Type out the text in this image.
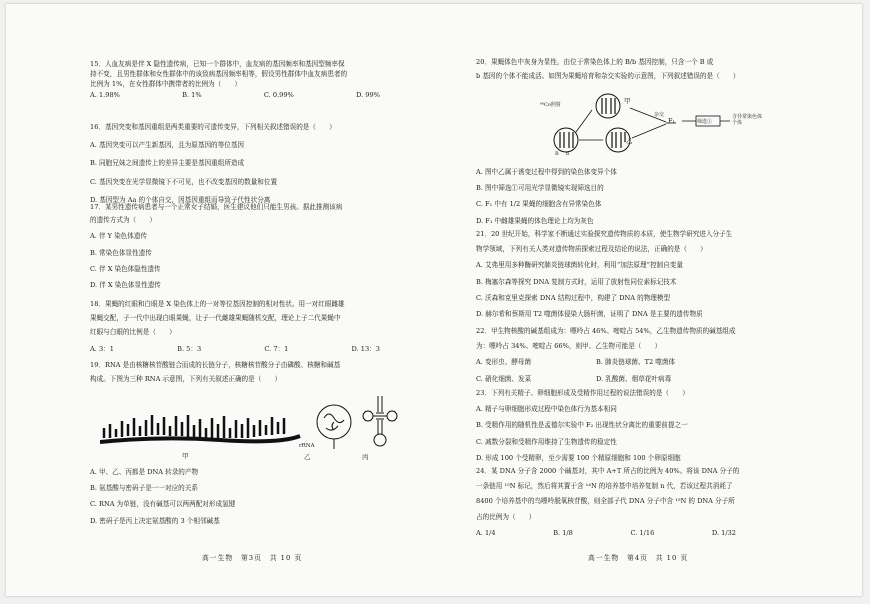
15．人血友病是伴 X 隐性遗传病，已知一个群体中，血友病的基因频率和基因型频率保

持不变，且男性群体和女性群体中的该致病基因频率相等，假设男性群体中血友病患者的

比例为 1%，在女性群体中携带者的比例为（　　）

A. 1.98%	B. 1%	C. 0.99%	D. 99%

16．基因突变和基因重组是两类重要的可遗传变异，下列相关叙述错误的是（　　）

A. 基因突变可以产生新基因，且为原基因的等位基因

B. 同胞兄妹之间遗传上的差异主要是基因重组所造成

C. 基因突变在光学显微镜下不可见，也不改变基因的数量和位置

D. 基因型为 Aa 的个体自交，因基因重组而导致子代性状分离

17．某男性遗传病患者与一个正常女子结婚，医生建议他们只能生男孩。据此推测该病

的遗传方式为（　　）

A. 伴 Y 染色体遗传

B. 常染色体显性遗传

C. 伴 X 染色体隐性遗传

D. 伴 X 染色体显性遗传

18．果蝇的红眼和白眼是 X 染色体上的一对等位基因控制的相对性状。用一对红眼雌雄

果蝇交配，子一代中出现白眼果蝇，让子一代雌雄果蝇随机交配，理论上子二代果蝇中

红眼与白眼的比例是（　　）

A. 3：1	B. 5：3	C. 7：1	D. 13：3

19．RNA 是由核糖核苷酸链合而成的长链分子，核糖核苷酸分子由磷酸、核糖和碱基

构成。下图为三种 RNA 示意图，下列有关叙述正确的是（　　）

甲	乙	丙
rRNA

A. 甲、乙、丙都是 DNA 转录的产物

B. 氨基酸与密码子是一一对应的关系

C. RNA 为单链，没有碱基可以两两配对形成氢键

D. 密码子是丙上决定氨基酸的 3 个相邻碱基

高一生物　第3页　共 10 页

20．果蝇体色中灰身为显性，由位于常染色体上的 B/b 基因控制，只含一个 B 或

b 基因的个体不能成活。如图为果蝇培育和杂交实验的示意图，下列叙述错误的是（　　）

⁶⁰Co照射	甲
乙
F₁
杂交
筛选①
含异常染色体个体
B b

A. 图中乙属于诱变过程中得到的染色体变异个体

B. 图中筛选①可用光学显微镜实现筛选目的

C. F₁ 中有 1/2 果蝇的细胞含有异常染色体

D. F₁ 中雌雄果蝇的体色理论上均为灰色

21．20 世纪开始，科学家不断通过实验探究遗传物质的本质，使生物学研究进入分子生

物学领域，下列有关人类对遗传物质探索过程及结论的说法，正确的是（　　）

A. 艾弗里用多种酶研究肺炎链球菌转化时，利用“加法原理”控制自变量

B. 梅塞尔森等探究 DNA 复制方式时，运用了放射性同位素标记技术

C. 沃森和克里克探索 DNA 结构过程中，构建了 DNA 的物理模型

D. 赫尔希和蔡斯用 T2 噬菌体侵染大肠杆菌，证明了 DNA 是主要的遗传物质

22．甲生物核酸的碱基组成为：嘌呤占 46%、嘧啶占 54%，乙生物遗传物质的碱基组成

为：嘌呤占 34%、嘧啶占 66%，则甲、乙生物可能是（　　）

A. 变形虫、酵母菌	B. 肺炎链球菌、T2 噬菌体
C. 硝化细菌、发菜	D. 乳酸菌、烟草花叶病毒

23．下列有关精子、卵细胞形成及受精作用过程的说法错误的是（　　）

A. 精子与卵细胞形成过程中染色体行为基本相同

B. 受精作用的随机性是孟德尔实验中 F₂ 出现性状分离比的重要前提之一

C. 减数分裂和受精作用维持了生物遗传的稳定性

D. 形成 100 个受精卵，至少需要 100 个精原细胞和 100 个卵原细胞

24．某 DNA 分子含 2000 个碱基对，其中 A+T 所占的比例为 40%。将该 DNA 分子的

一条链用 ¹⁵N 标记，然后将其置于含 ¹⁴N 的培养基中培养复制 n 代，若该过程共消耗了

8400 个培养基中的鸟嘌呤脱氧核苷酸，则全部子代 DNA 分子中含 ¹⁵N 的 DNA 分子所

占的比例为（　　）

A. 1/4	B. 1/8	C. 1/16	D. 1/32
高一生物　第4页　共 10 页
